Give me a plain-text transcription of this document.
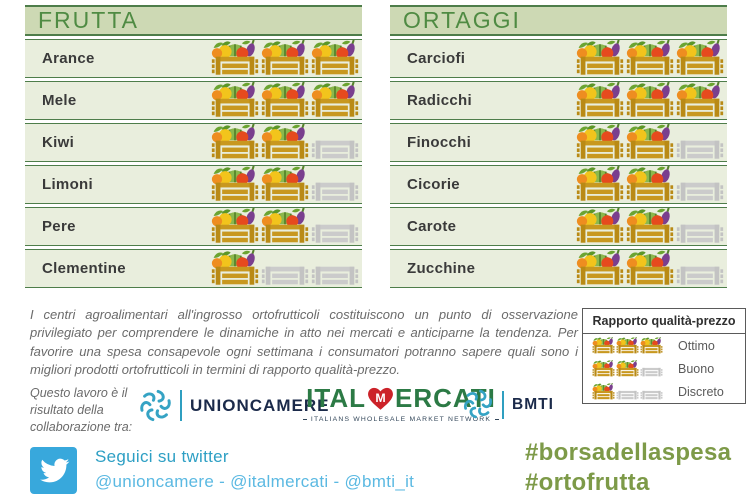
FRUTTA
Arance
Mele
Kiwi
Limoni
Pere
Clementine
ORTAGGI
Carciofi
Radicchi
Finocchi
Cicorie
Carote
Zucchine
I centri agroalimentari all'ingrosso ortofrutticoli costituiscono un punto di osservazione privilegiato per comprendere le dinamiche in atto nei mercati e anticiparne la tendenza. Per favorire una spesa consapevole ogni settimana i consumatori potranno sapere quali sono i migliori prodotti ortofrutticoli in termini di rapporto qualità-prezzo.
Rapporto qualità-prezzo
Ottimo
Buono
Discreto
Questo lavoro è il risultato della collaborazione tra:
UNIONCAMERE
ITAL M ERCATI
ITALIANS WHOLESALE MARKET NETWORK
BMTI
Seguici su twitter
@unioncamere - @italmercati - @bmti_it
#borsadellaspesa
#ortofrutta
